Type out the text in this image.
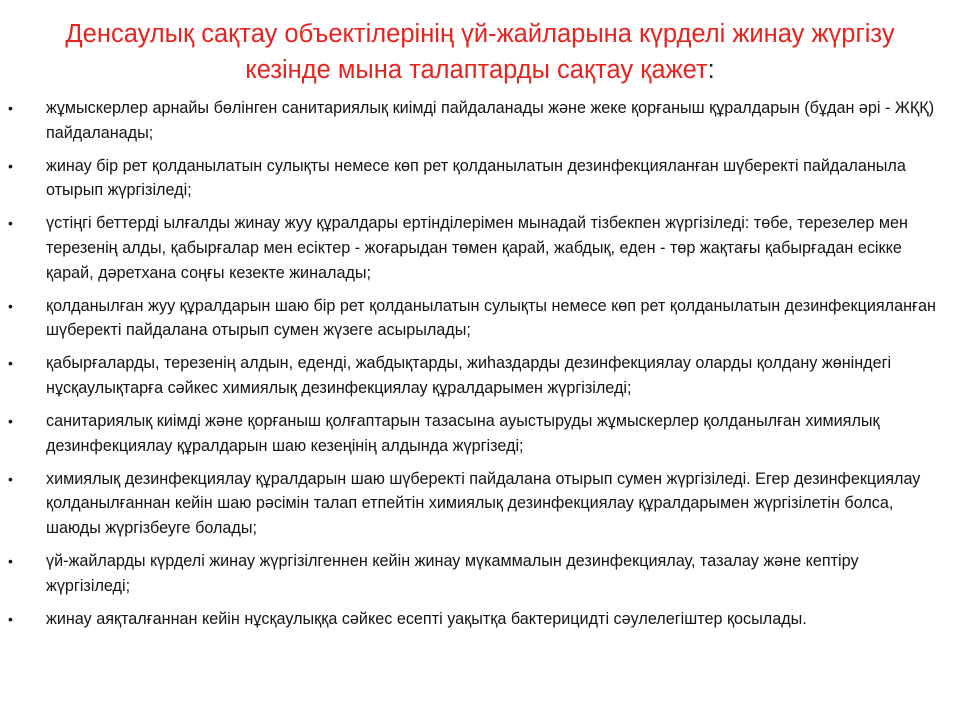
Денсаулық сақтау объектілерінің үй-жайларына күрделі жинау жүргізу кезінде мына талаптарды сақтау қажет:
• жұмыскерлер арнайы бөлінген санитариялық киімді пайдаланады және жеке қорғаныш құралдарын (бұдан әрі - ЖҚҚ) пайдаланады;
• жинау бір рет қолданылатын сулықты немесе көп рет қолданылатын дезинфекцияланған шүберекті пайдаланыла отырып жүргізіледі;
• үстіңгі беттерді ылғалды жинау жуу құралдары ертінділерімен мынадай тізбекпен жүргізіледі: төбе, терезелер мен терезенің алды, қабырғалар мен есіктер - жоғарыдан төмен қарай, жабдық, еден - төр жақтағы қабырғадан есікке қарай, дәретхана соңғы кезекте жиналады;
• қолданылған жуу құралдарын шаю бір рет қолданылатын сулықты немесе көп рет қолданылатын дезинфекцияланған шүберекті пайдалана отырып сумен жүзеге асырылады;
• қабырғаларды, терезенің алдын, еденді, жабдықтарды, жиһаздарды дезинфекциялау оларды қолдану жөніндегі нұсқаулықтарға сәйкес химиялық дезинфекциялау құралдарымен жүргізіледі;
• санитариялық киімді және қорғаныш қолғаптарын тазасына ауыстыруды жұмыскерлер қолданылған химиялық дезинфекциялау құралдарын шаю кезеңінің алдында жүргізеді;
• химиялық дезинфекциялау құралдарын шаю шүберекті пайдалана отырып сумен жүргізіледі. Егер дезинфекциялау қолданылғаннан кейін шаю рәсімін талап етпейтін химиялық дезинфекциялау құралдарымен жүргізілетін болса, шаюды жүргізбеуге болады;
• үй-жайларды күрделі жинау жүргізілгеннен кейін жинау мүкаммалын дезинфекциялау, тазалау және кептіру жүргізіледі;
• жинау аяқталғаннан кейін нұсқаулыққа сәйкес есепті уақытқа бактерицидті сәулелегіштер қосылады.
